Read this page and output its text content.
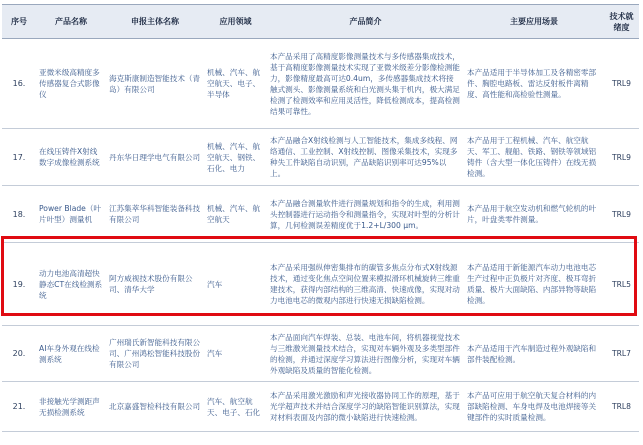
序号	产品名称	申报主体名称	应用领域	产品简介	主要应用场景	技术就绪度
16.	亚微米级高精度多传感器复合式影像仪	海克斯康制造智能技术（青岛）有限公司	机械、汽车、航空航天、电子、半导体	本产品采用了高精度影像测量技术与多传感器集成技术，基于高精度影像测量技术实现了亚微米级差分影像检测能力，影像精度最高可达0.4um，多传感器集成技术将接触式测头、影像测量系统和白光测头集于机内，极大满足检测了检测效率和应用灵活性，降低检测成本，提高检测结果可靠性。	本产品适用于半导体加工及各精密零部件、胸腔电路板、雷达反射板件离精度、高性能和高检验性测量。	TRL9
17.	在线压铸件X射线数字成像检测系统	丹东华日理学电气有限公司	机械、汽车、航空航天、钢铁、石化、电力	本产品融合X射线检测与人工智能技术，集成多线程、网络通信、工业控制、X射线控制、图像采集技术，实现多种失工件缺陷自动识别，产品缺陷识别率可达95%以上。	本产品用于工程机械、汽车、航空航天、军工、舰船、铁路、钢铁等领域铝铸件（含大型一体化压铸件）在线无损检测。	TRL9
18.	Power Blade（叶片叶型）测量机	江苏集萃华科智能装备科技有限公司	机械、汽车、航空航天	本产品融合测量软件进行测量规划和指令的生成，利用测头控制器进行运动指令和测量指令，实现对叶型的分析计算，几何检测误差精度优于1.2+L/300 μm。	本产品用于航空发动机和燃气轮机的叶片，叶盘类零件测量。	TRL9
19.	动力电池高清超快静态CT在线检测系统	阿方威视技术股份有限公司、清华大学	汽车	本产品采用强纵伸密集排布的碳管多焦点分布式X射线源技术，通过变化焦点空间位置来模拟滑环机械旋转三维重建技术，获得内部结构的三维高清、快速成像，实现对动力电池电芯的微观内部进行快速无损缺陷检测。	本产品适用于新能源汽车动力电池电芯生产过程中正负极片对齐度、极耳弯折质量、极片大面缺陷、内部异物等缺陷检测。	TRL5
20.	AI车身外观在线检测系统	广州瑞氏新智能科技有限公司、广州鸿松智能科技股份有限公司	汽车	本产品面向汽车焊装、总装、电池车间，将机器视觉技术与三维激光测量技术结合，实现对车辆外观及多类型部件的检测，并通过深度学习算法进行图像分析，实现对车辆外观缺陷及质量的智能化检测。	本产品适用于汽车制造过程外观缺陷和部件装配检测。	TRL7
21.	非接触光学测距声无损检测系统	北京嘉盛智检科技有限公司	汽车、航空航天、电子、石化	本产品采用激光激励和声光接收器协同工作的原理，基于光学超声技术并结合深度学习的缺陷智能识别算法，实现对材料表面及内部的微小缺陷进行快速检测。	本产品可应用于航空航天复合材料的内部缺陷检测、车身电焊及电池焊接等关键部件的实时质量检测。	TRL8
